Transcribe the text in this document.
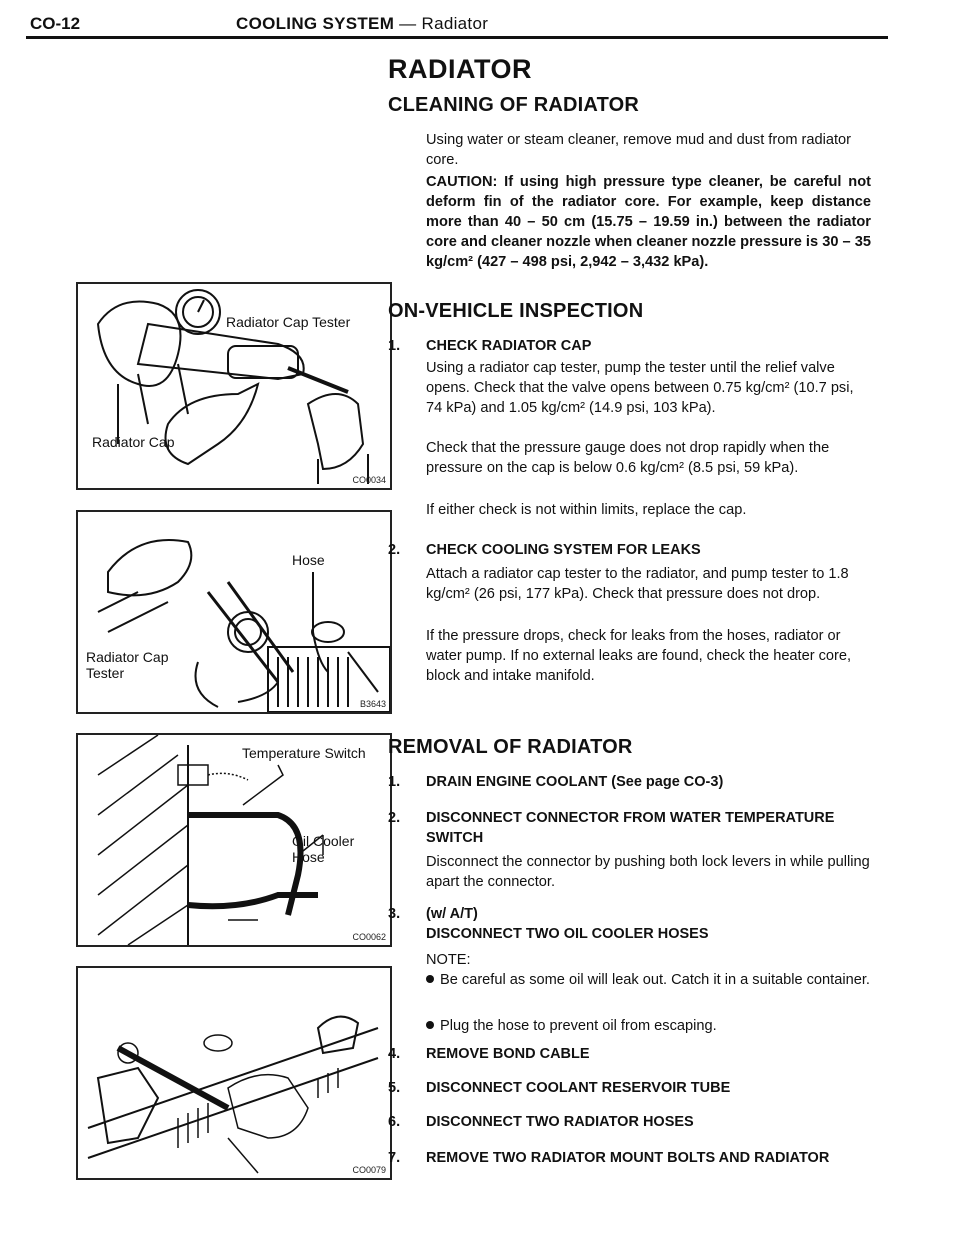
CO-12	COOLING SYSTEM — Radiator
Radiator Cap Tester
Radiator Cap
CO0034
Hose
Radiator Cap
Tester
B3643
Temperature Switch
Oil Cooler
Hose
CO0062
CO0079
RADIATOR
CLEANING OF RADIATOR
Using water or steam cleaner, remove mud and dust from radiator core.
CAUTION: If using high pressure type cleaner, be careful not deform fin of the radiator core. For example, keep distance more than 40 – 50 cm (15.75 – 19.59 in.) between the radiator core and cleaner nozzle when cleaner nozzle pressure is 30 – 35 kg/cm² (427 – 498 psi, 2,942 – 3,432 kPa).
ON-VEHICLE INSPECTION
1. CHECK RADIATOR CAP
Using a radiator cap tester, pump the tester until the relief valve opens. Check that the valve opens between 0.75 kg/cm² (10.7 psi, 74 kPa) and 1.05 kg/cm² (14.9 psi, 103 kPa).
Check that the pressure gauge does not drop rapidly when the pressure on the cap is below 0.6 kg/cm² (8.5 psi, 59 kPa).
If either check is not within limits, replace the cap.
2. CHECK COOLING SYSTEM FOR LEAKS
Attach a radiator cap tester to the radiator, and pump tester to 1.8 kg/cm² (26 psi, 177 kPa). Check that pressure does not drop.
If the pressure drops, check for leaks from the hoses, radiator or water pump. If no external leaks are found, check the heater core, block and intake manifold.
REMOVAL OF RADIATOR
1. DRAIN ENGINE COOLANT (See page CO-3)
2. DISCONNECT CONNECTOR FROM WATER TEMPERATURE SWITCH
Disconnect the connector by pushing both lock levers in while pulling apart the connector.
3. (w/ A/T)
DISCONNECT TWO OIL COOLER HOSES
NOTE:
Be careful as some oil will leak out. Catch it in a suitable container.
Plug the hose to prevent oil from escaping.
4. REMOVE BOND CABLE
5. DISCONNECT COOLANT RESERVOIR TUBE
6. DISCONNECT TWO RADIATOR HOSES
7. REMOVE TWO RADIATOR MOUNT BOLTS AND RADIATOR
